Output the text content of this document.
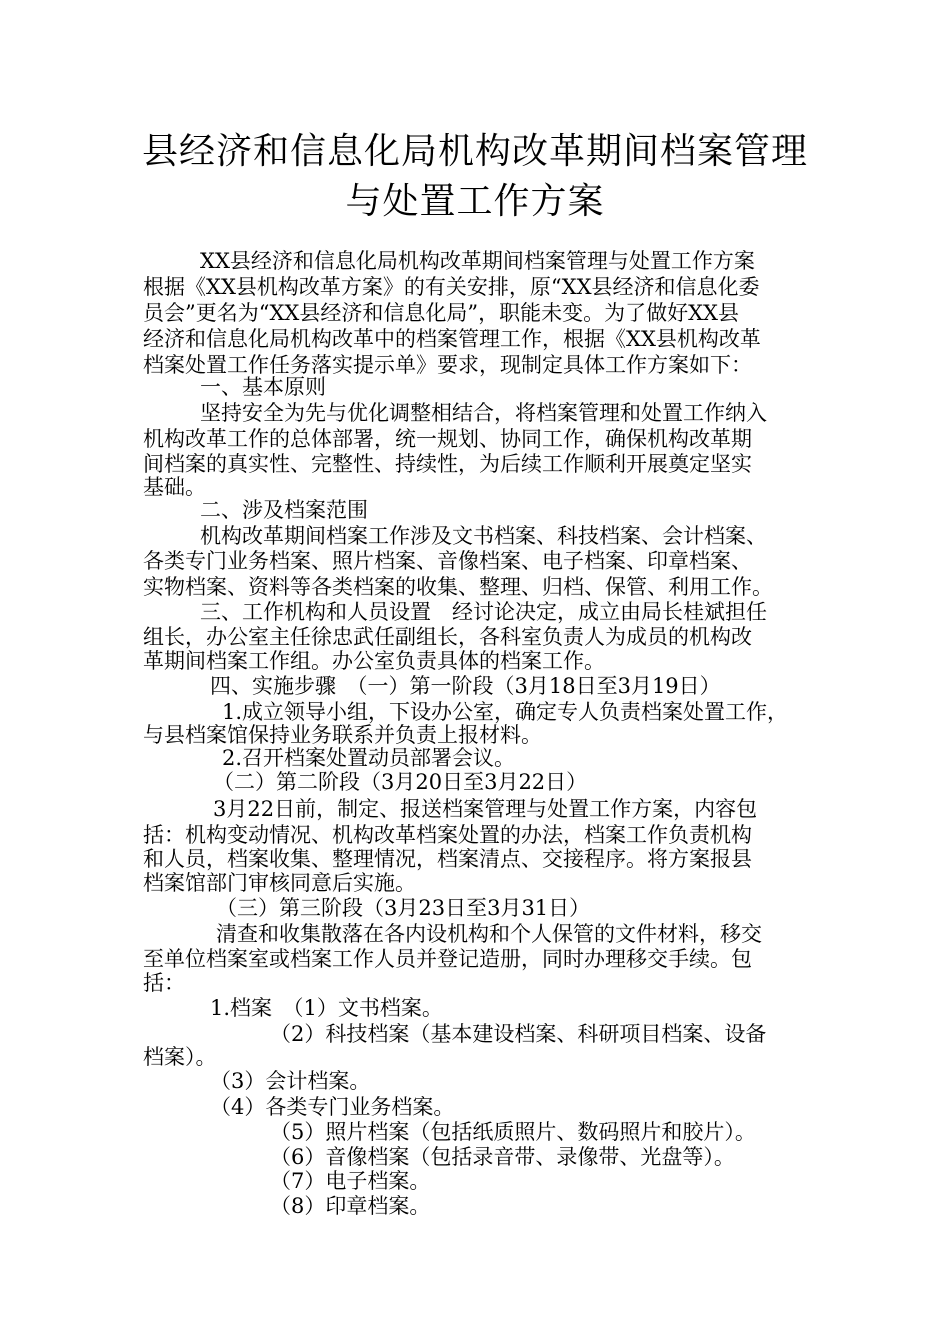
县经济和信息化局机构改革期间档案管理
与处置工作方案
XX县经济和信息化局机构改革期间档案管理与处置工作方案
根据《XX县机构改革方案》的有关安排，原“XX县经济和信息化委
员会”更名为“XX县经济和信息化局”，职能未变。为了做好XX县
经济和信息化局机构改革中的档案管理工作，根据《XX县机构改革
档案处置工作任务落实提示单》要求，现制定具体工作方案如下：
一、基本原则
坚持安全为先与优化调整相结合，将档案管理和处置工作纳入
机构改革工作的总体部署，统一规划、协同工作，确保机构改革期
间档案的真实性、完整性、持续性，为后续工作顺利开展奠定坚实
基础。
二、涉及档案范围
机构改革期间档案工作涉及文书档案、科技档案、会计档案、
各类专门业务档案、照片档案、音像档案、电子档案、印章档案、
实物档案、资料等各类档案的收集、整理、归档、保管、利用工作。
三、工作机构和人员设置　经讨论决定，成立由局长桂斌担任
组长，办公室主任徐忠武任副组长，各科室负责人为成员的机构改
革期间档案工作组。办公室负责具体的档案工作。
四、实施步骤　（一）第一阶段（3月18日至3月19日）
1.成立领导小组，下设办公室，确定专人负责档案处置工作，
与县档案馆保持业务联系并负责上报材料。
2.召开档案处置动员部署会议。
（二）第二阶段（3月20日至3月22日）
3月22日前，制定、报送档案管理与处置工作方案，内容包
括：机构变动情况、机构改革档案处置的办法，档案工作负责机构
和人员，档案收集、整理情况，档案清点、交接程序。将方案报县
档案馆部门审核同意后实施。
（三）第三阶段（3月23日至3月31日）
清查和收集散落在各内设机构和个人保管的文件材料，移交
至单位档案室或档案工作人员并登记造册，同时办理移交手续。包
括：
1.档案　（1）文书档案。
（2）科技档案（基本建设档案、科研项目档案、设备
档案）。
（3）会计档案。
（4）各类专门业务档案。
（5）照片档案（包括纸质照片、数码照片和胶片）。
（6）音像档案（包括录音带、录像带、光盘等）。
（7）电子档案。
（8）印章档案。
